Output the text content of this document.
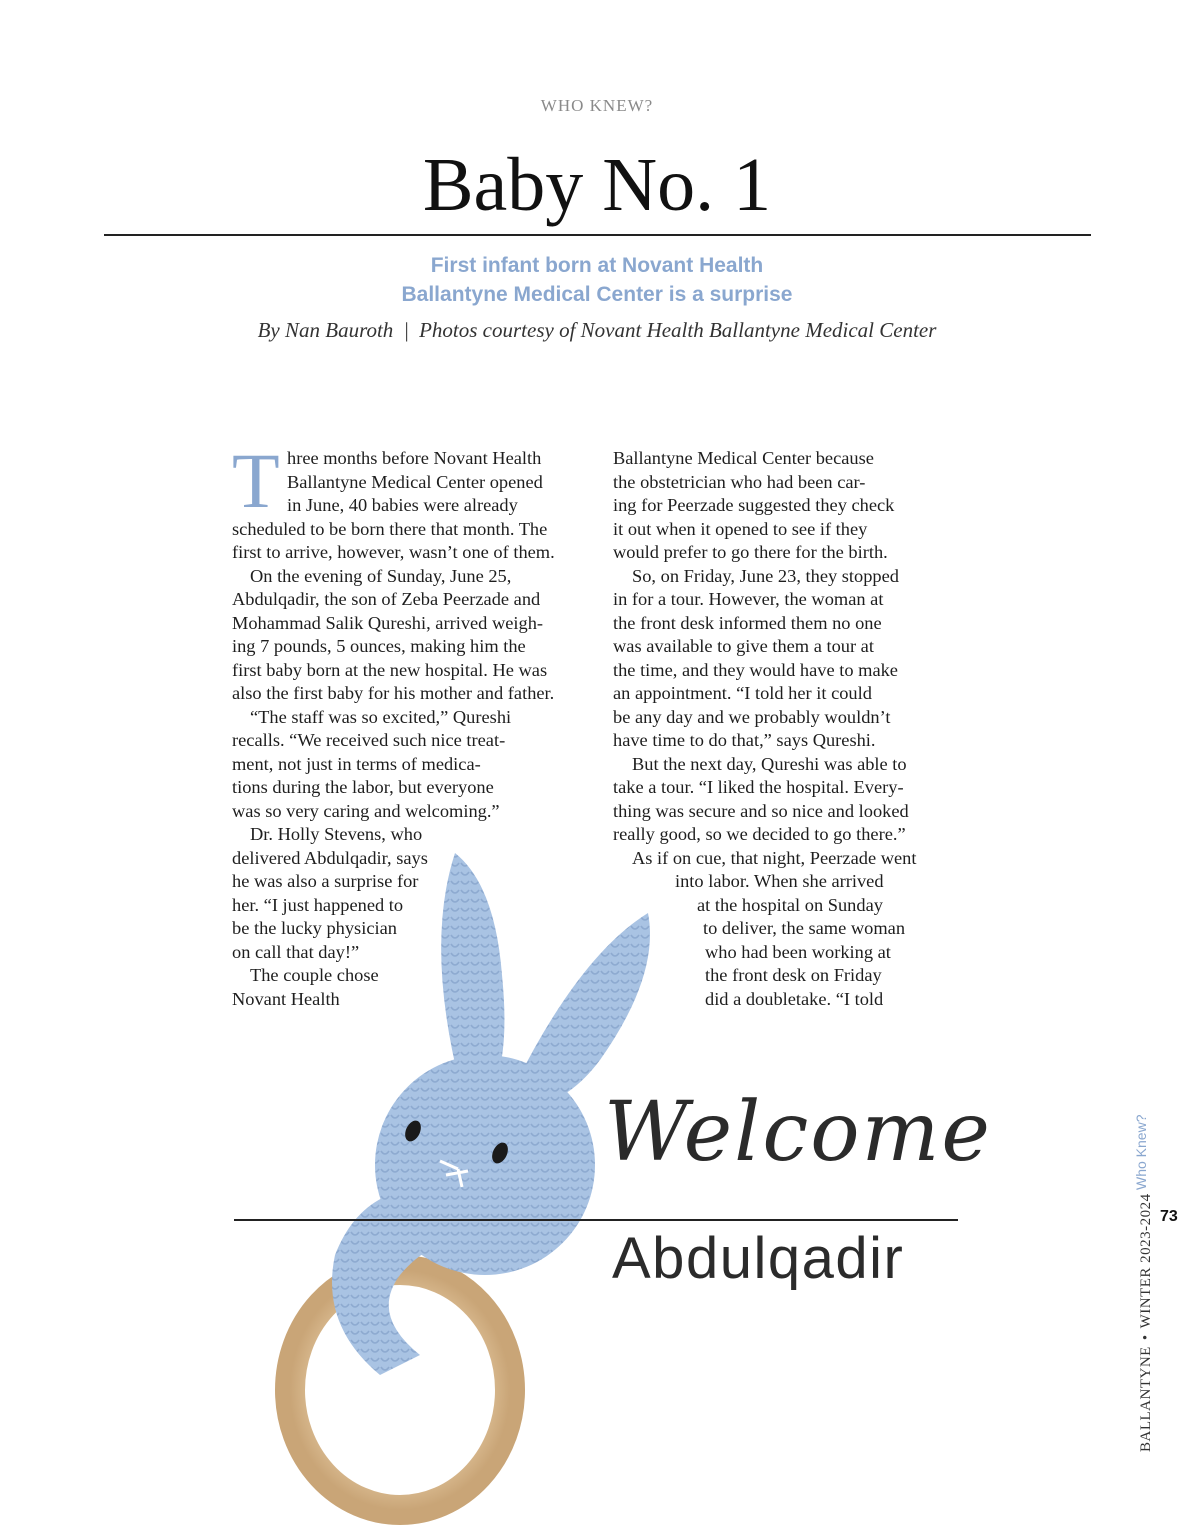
WHO KNEW?
Baby No. 1
First infant born at Novant Health
Ballantyne Medical Center is a surprise
By Nan Bauroth | Photos courtesy of Novant Health Ballantyne Medical Center
T hree months before Novant Health
Ballantyne Medical Center opened
in June, 40 babies were already
scheduled to be born there that month. The
first to arrive, however, wasn’t one of them.
On the evening of Sunday, June 25,
Abdulqadir, the son of Zeba Peerzade and
Mohammad Salik Qureshi, arrived weigh-
ing 7 pounds, 5 ounces, making him the
first baby born at the new hospital. He was
also the first baby for his mother and father.
“The staff was so excited,” Qureshi
recalls. “We received such nice treat-
ment, not just in terms of medica-
tions during the labor, but everyone
was so very caring and welcoming.”
Dr. Holly Stevens, who
delivered Abdulqadir, says
he was also a surprise for
her. “I just happened to
be the lucky physician
on call that day!”
The couple chose
Novant Health
Ballantyne Medical Center because
the obstetrician who had been car-
ing for Peerzade suggested they check
it out when it opened to see if they
would prefer to go there for the birth.
So, on Friday, June 23, they stopped
in for a tour. However, the woman at
the front desk informed them no one
was available to give them a tour at
the time, and they would have to make
an appointment. “I told her it could
be any day and we probably wouldn’t
have time to do that,” says Qureshi.
But the next day, Qureshi was able to
take a tour. “I liked the hospital. Every-
thing was secure and so nice and looked
really good, so we decided to go there.”
As if on cue, that night, Peerzade went
into labor. When she arrived
at the hospital on Sunday
to deliver, the same woman
who had been working at
the front desk on Friday
did a doubletake. “I told
Welcome
Abdulqadir
Who Knew?
73
BALLANTYNE•WINTER 2023-2024
